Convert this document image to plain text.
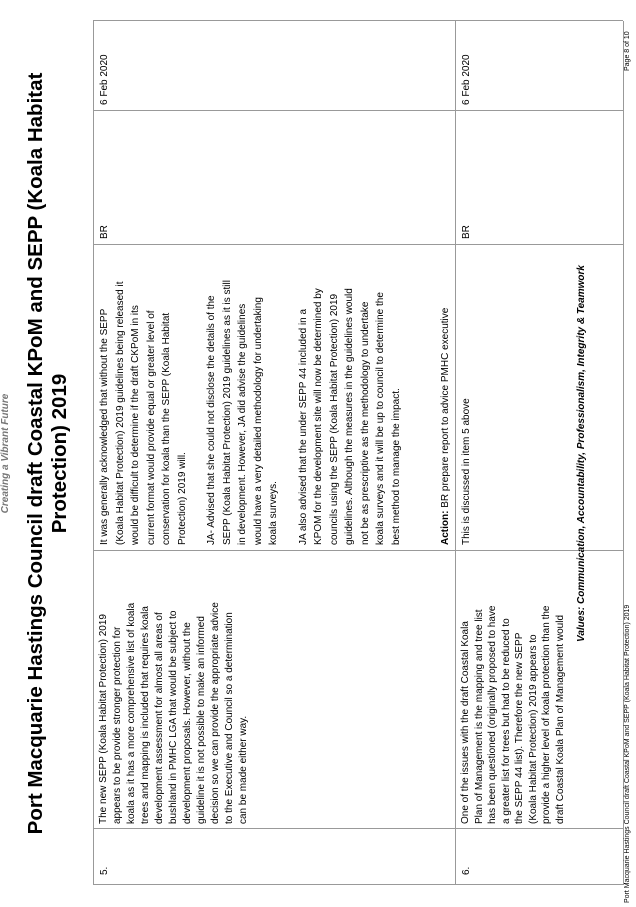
Creating a Vibrant Future Port Macquarie Hastings Council draft Coastal KPoM and SEPP (Koala Habitat Protection) 2019
5.
The new SEPP (Koala Habitat Protection) 2019 appears to be provide stronger protection for koala as it has a more comprehensive list of koala trees and mapping is included that requires koala development assessment for almost all areas of bushland in PMHC LGA that would be subject to development proposals. However, without the guideline it is not possible to make an informed decision so we can provide the appropriate advice to the Executive and Council so a determination can be made either way.

It was generally acknowledged that without the SEPP (Koala Habitat Protection) 2019 guidelines being released it would be difficult to determine if the draft CKPoM in its current format would provide equal or greater level of conservation for koala than the SEPP (Koala Habitat Protection) 2019 will. JA- Advised that she could not disclose the details of the SEPP (Koala Habitat Protection) 2019 guidelines as it is still in development. However, JA did advise the guidelines would have a very detailed methodology for undertaking koala surveys. JA also advised that the under SEPP 44 included in a KPOM for the development site will now be determined by councils using the SEPP (Koala Habitat Protection) 2019 guidelines. Although the measures in the guidelines would not be as prescriptive as the methodology to undertake koala surveys and it will be up to council to determine the best method to manage the impact.	Action: BR prepare report to advice PMHC executive
BR
6 Feb 2020
6.
One of the issues with the draft Coastal Koala Plan of Management is the mapping and tree list has been questioned (originally proposed to have a greater list for trees but had to be reduced to the SEPP 44 list). Therefore the new SEPP (Koala Habitat Protection) 2019 appears to provide a higher level of koala protection than the draft Coastal Koala Plan of Management would
This is discussed in item 5 above
BR
6 Feb 2020
Values: Communication, Accountability, Professionalism, Integrity & Teamwork
Port Macquarie Hastings Council draft Coastal KPoM and SEPP (Koala Habitat Protection) 2019
Page 8 of 10
